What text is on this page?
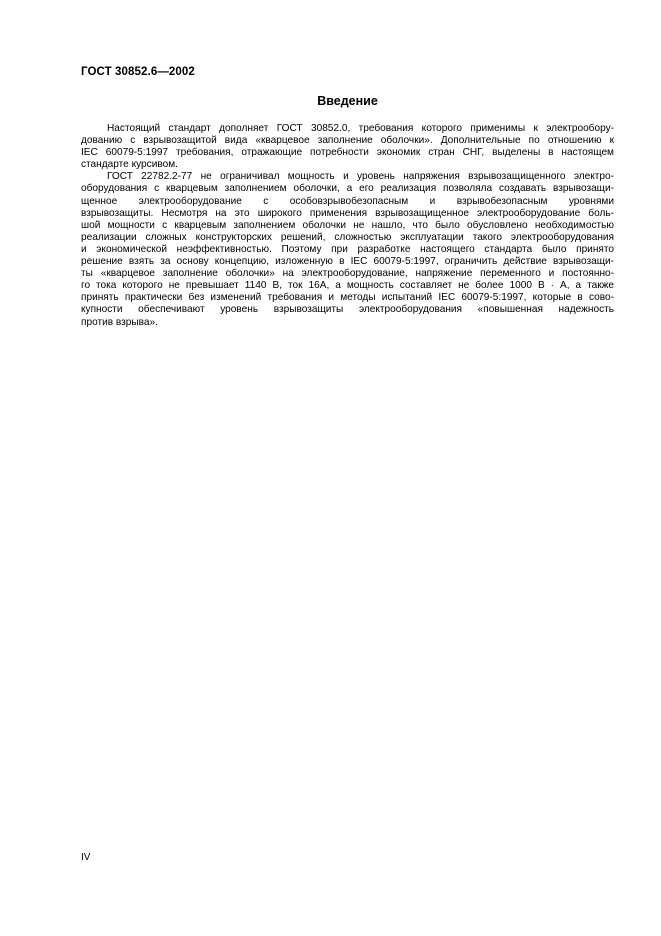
ГОСТ 30852.6—2002
Введение
Настоящий стандарт дополняет ГОСТ 30852.0, требования которого применимы к электрообору-
дованию с взрывозащитой вида «кварцевое заполнение оболочки». Дополнительные по отношению к
IEC 60079-5:1997 требования, отражающие потребности экономик стран СНГ, выделены в настоящем
стандарте курсивом.
ГОСТ 22782.2-77 не ограничивал мощность и уровень напряжения взрывозащищенного электро-
оборудования с кварцевым заполнением оболочки, а его реализация позволяла создавать взрывозащи-
щенное электрооборудование с особовзрывобезопасным и взрывобезопасным уровнями
взрывозащиты. Несмотря на это широкого применения взрывозащищенное электрооборудование боль-
шой мощности с кварцевым заполнением оболочки не нашло, что было обусловлено необходимостью
реализации сложных конструкторских решений, сложностью эксплуатации такого электрооборудования
и экономической неэффективностью. Поэтому при разработке настоящего стандарта было принято
решение взять за основу концепцию, изложенную в IEC 60079-5:1997, ограничить действие взрывозащи-
ты «кварцевое заполнение оболочки» на электрооборудование, напряжение переменного и постоянно-
го тока которого не превышает 1140 В, ток 16А, а мощность составляет не более 1000 В · А, а также
принять практически без изменений требования и методы испытаний IEC 60079-5:1997, которые в сово-
купности обеспечивают уровень взрывозащиты электрооборудования «повышенная надежность
против взрыва».
IV
